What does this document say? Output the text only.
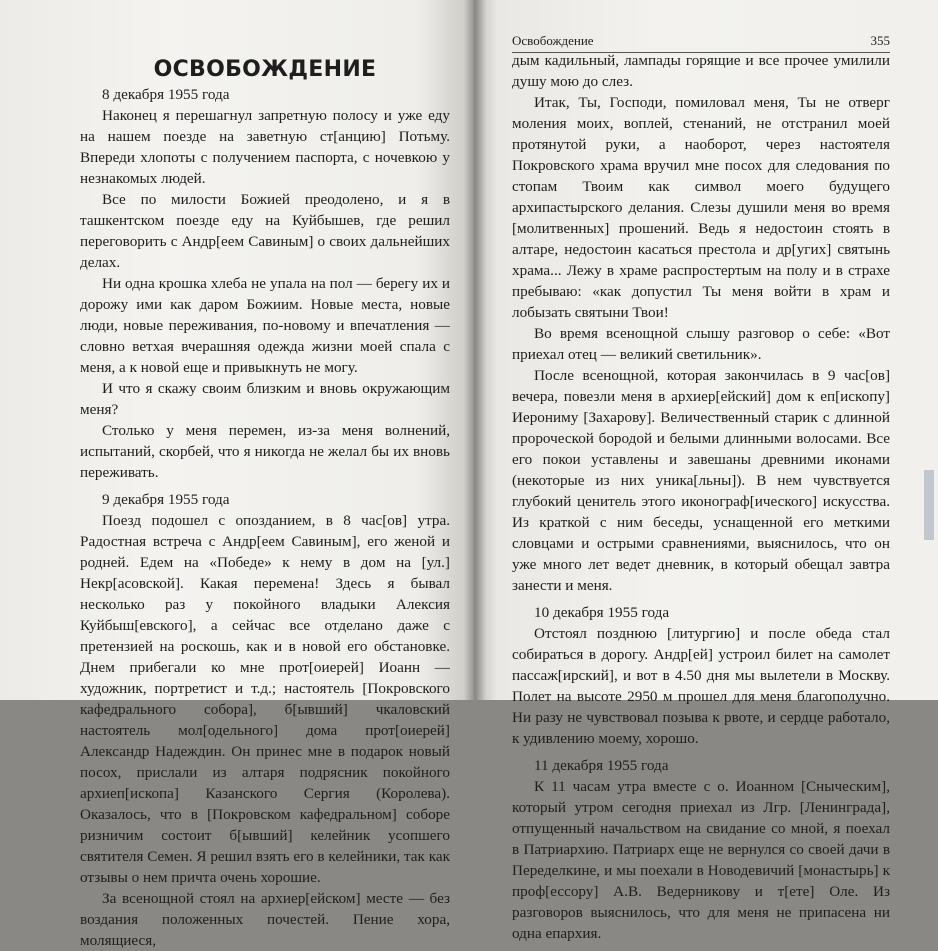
ОСВОБОЖДЕНИЕ
8 декабря 1955 года

Наконец я перешагнул запретную полосу и уже еду на нашем поезде на заветную ст[анцию] Потьму. Впереди хлопоты с получением паспорта, с ночевкою у незнакомых людей.

Все по милости Божией преодолено, и я в ташкентском поезде еду на Куйбышев, где решил переговорить с Андр[еем Савиным] о своих дальнейших делах.

Ни одна крошка хлеба не упала на пол — берегу их и дорожу ими как даром Божиим. Новые места, новые люди, новые переживания, по-новому и впечатления — словно ветхая вчерашняя одежда жизни моей спала с меня, а к новой еще и привыкнуть не могу.

И что я скажу своим близким и вновь окружающим меня?

Столько у меня перемен, из-за меня волнений, испытаний, скорбей, что я никогда не желал бы их вновь переживать.

9 декабря 1955 года

Поезд подошел с опозданием, в 8 час[ов] утра. Радостная встреча с Андр[еем Савиным], его женой и родней. Едем на «Победе» к нему в дом на [ул.] Некр[асовской]. Какая перемена! Здесь я бывал несколько раз у покойного владыки Алексия Куйбыш[евского], а сейчас все отделано даже с претензией на роскошь, как и в новой его обстановке. Днем прибегали ко мне прот[оиерей] Иоанн — художник, портретист и т.д.; настоятель [Покровского кафедрального собора], б[ывший] чкаловский настоятель мол[одельного] дома прот[оиерей] Александр Надеждин. Он принес мне в подарок новый посох, прислали из алтаря подрясник покойного архиеп[ископа] Казанского Сергия (Королева). Оказалось, что в [Покровском кафедральном] соборе ризничим состоит б[ывший] келейник усопшего святителя Семен. Я решил взять его в келейники, так как отзывы о нем причта очень хорошие.

За всенощной стоял на архиер[ейском] месте — без воздания положенных почестей. Пение хора, молящиеся,

Освобождение	355

дым кадильный, лампады горящие и все прочее умилили душу мою до слез.

Итак, Ты, Господи, помиловал меня, Ты не отверг моления моих, воплей, стенаний, не отстранил моей протянутой руки, а наоборот, через настоятеля Покровского храма вручил мне посох для следования по стопам Твоим как символ моего будущего архипастырского делания. Слезы душили меня во время [молитвенных] прошений. Ведь я недостоин стоять в алтаре, недостоин касаться престола и др[угих] святынь храма... Лежу в храме распростертым на полу и в страхе пребываю: «как допустил Ты меня войти в храм и лобызать святыни Твои!

Во время всенощной слышу разговор о себе: «Вот приехал отец — великий светильник».

После всенощной, которая закончилась в 9 час[ов] вечера, повезли меня в архиер[ейский] дом к еп[ископу] Иерониму [Захарову]. Величественный старик с длинной пророческой бородой и белыми длинными волосами. Все его покои уставлены и завешаны древними иконами (некоторые из них уника[льны]). В нем чувствуется глубокий ценитель этого иконограф[ического] искусства. Из краткой с ним беседы, уснащенной его меткими словцами и острыми сравнениями, выяснилось, что он уже много лет ведет дневник, в который обещал завтра занести и меня.

10 декабря 1955 года

Отстоял позднюю [литургию] и после обеда стал собираться в дорогу. Андр[ей] устроил билет на самолет пассаж[ирский], и вот в 4.50 дня мы вылетели в Москву. Полет на высоте 2950 м прошел для меня благополучно. Ни разу не чувствовал позыва к рвоте, и сердце работало, к удивлению моему, хорошо.

11 декабря 1955 года

К 11 часам утра вместе с о. Иоанном [Сныческим], который утром сегодня приехал из Лгр. [Ленинграда], отпущенный начальством на свидание со мной, я поехал в Патриархию. Патриарх еще не вернулся со своей дачи в Переделкине, и мы поехали в Новодевичий [монастырь] к проф[ессору] А.В. Ведерникову и т[ете] Оле. Из разговоров выяснилось, что для меня не припасена ни одна епархия.
